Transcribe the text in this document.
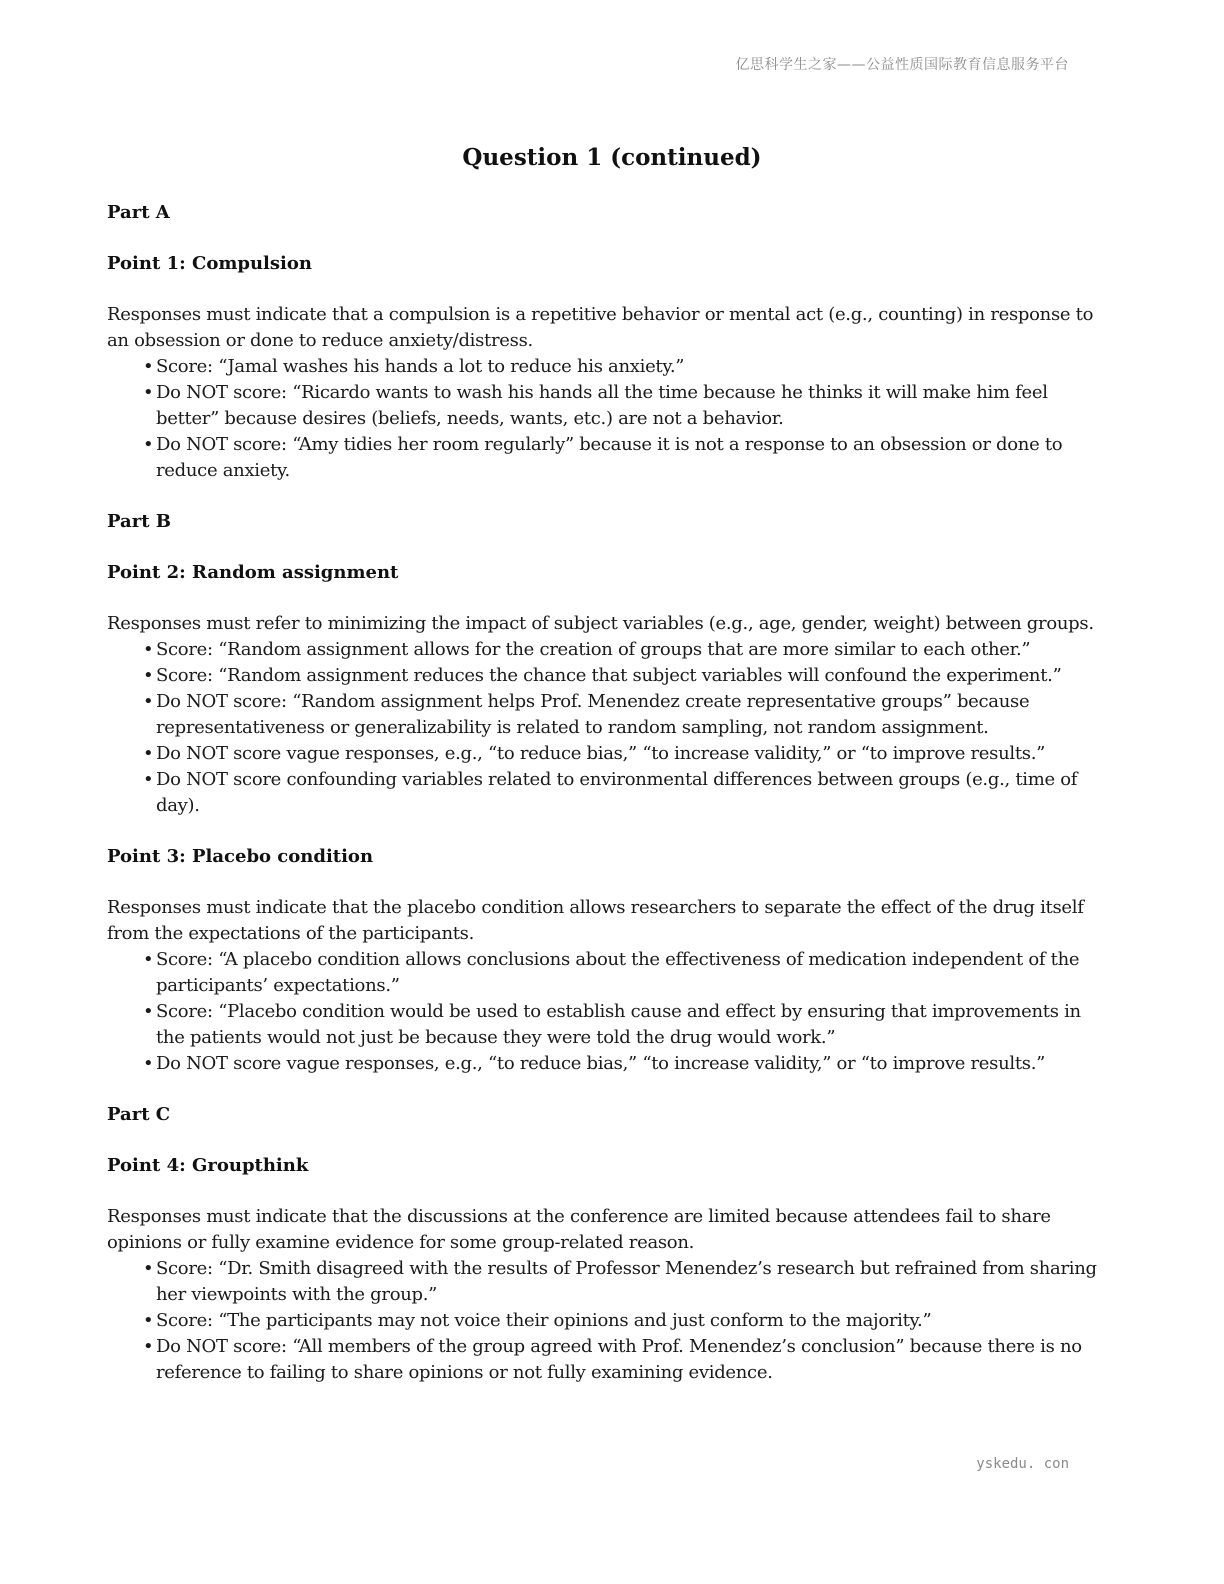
亿思科学生之家——公益性质国际教育信息服务平台
Question 1 (continued)
Part A
Point 1: Compulsion

Responses must indicate that a compulsion is a repetitive behavior or mental act (e.g., counting) in response to an obsession or done to reduce anxiety/distress.

• Score: “Jamal washes his hands a lot to reduce his anxiety.”
• Do NOT score: “Ricardo wants to wash his hands all the time because he thinks it will make him feel better” because desires (beliefs, needs, wants, etc.) are not a behavior.
• Do NOT score: “Amy tidies her room regularly” because it is not a response to an obsession or done to reduce anxiety.
Part B
Point 2: Random assignment

Responses must refer to minimizing the impact of subject variables (e.g., age, gender, weight) between groups.

• Score: “Random assignment allows for the creation of groups that are more similar to each other.”
• Score: “Random assignment reduces the chance that subject variables will confound the experiment.”
• Do NOT score: “Random assignment helps Prof. Menendez create representative groups” because representativeness or generalizability is related to random sampling, not random assignment.
• Do NOT score vague responses, e.g., “to reduce bias,” “to increase validity,” or “to improve results.”
• Do NOT score confounding variables related to environmental differences between groups (e.g., time of day).
Point 3: Placebo condition

Responses must indicate that the placebo condition allows researchers to separate the effect of the drug itself from the expectations of the participants.

• Score: “A placebo condition allows conclusions about the effectiveness of medication independent of the participants’ expectations.”
• Score: “Placebo condition would be used to establish cause and effect by ensuring that improvements in the patients would not just be because they were told the drug would work.”
• Do NOT score vague responses, e.g., “to reduce bias,” “to increase validity,” or “to improve results.”
Part C
Point 4: Groupthink

Responses must indicate that the discussions at the conference are limited because attendees fail to share opinions or fully examine evidence for some group-related reason.

• Score: “Dr. Smith disagreed with the results of Professor Menendez’s research but refrained from sharing her viewpoints with the group.”
• Score: “The participants may not voice their opinions and just conform to the majority.”
• Do NOT score: “All members of the group agreed with Prof. Menendez’s conclusion” because there is no reference to failing to share opinions or not fully examining evidence.
yskedu. con
